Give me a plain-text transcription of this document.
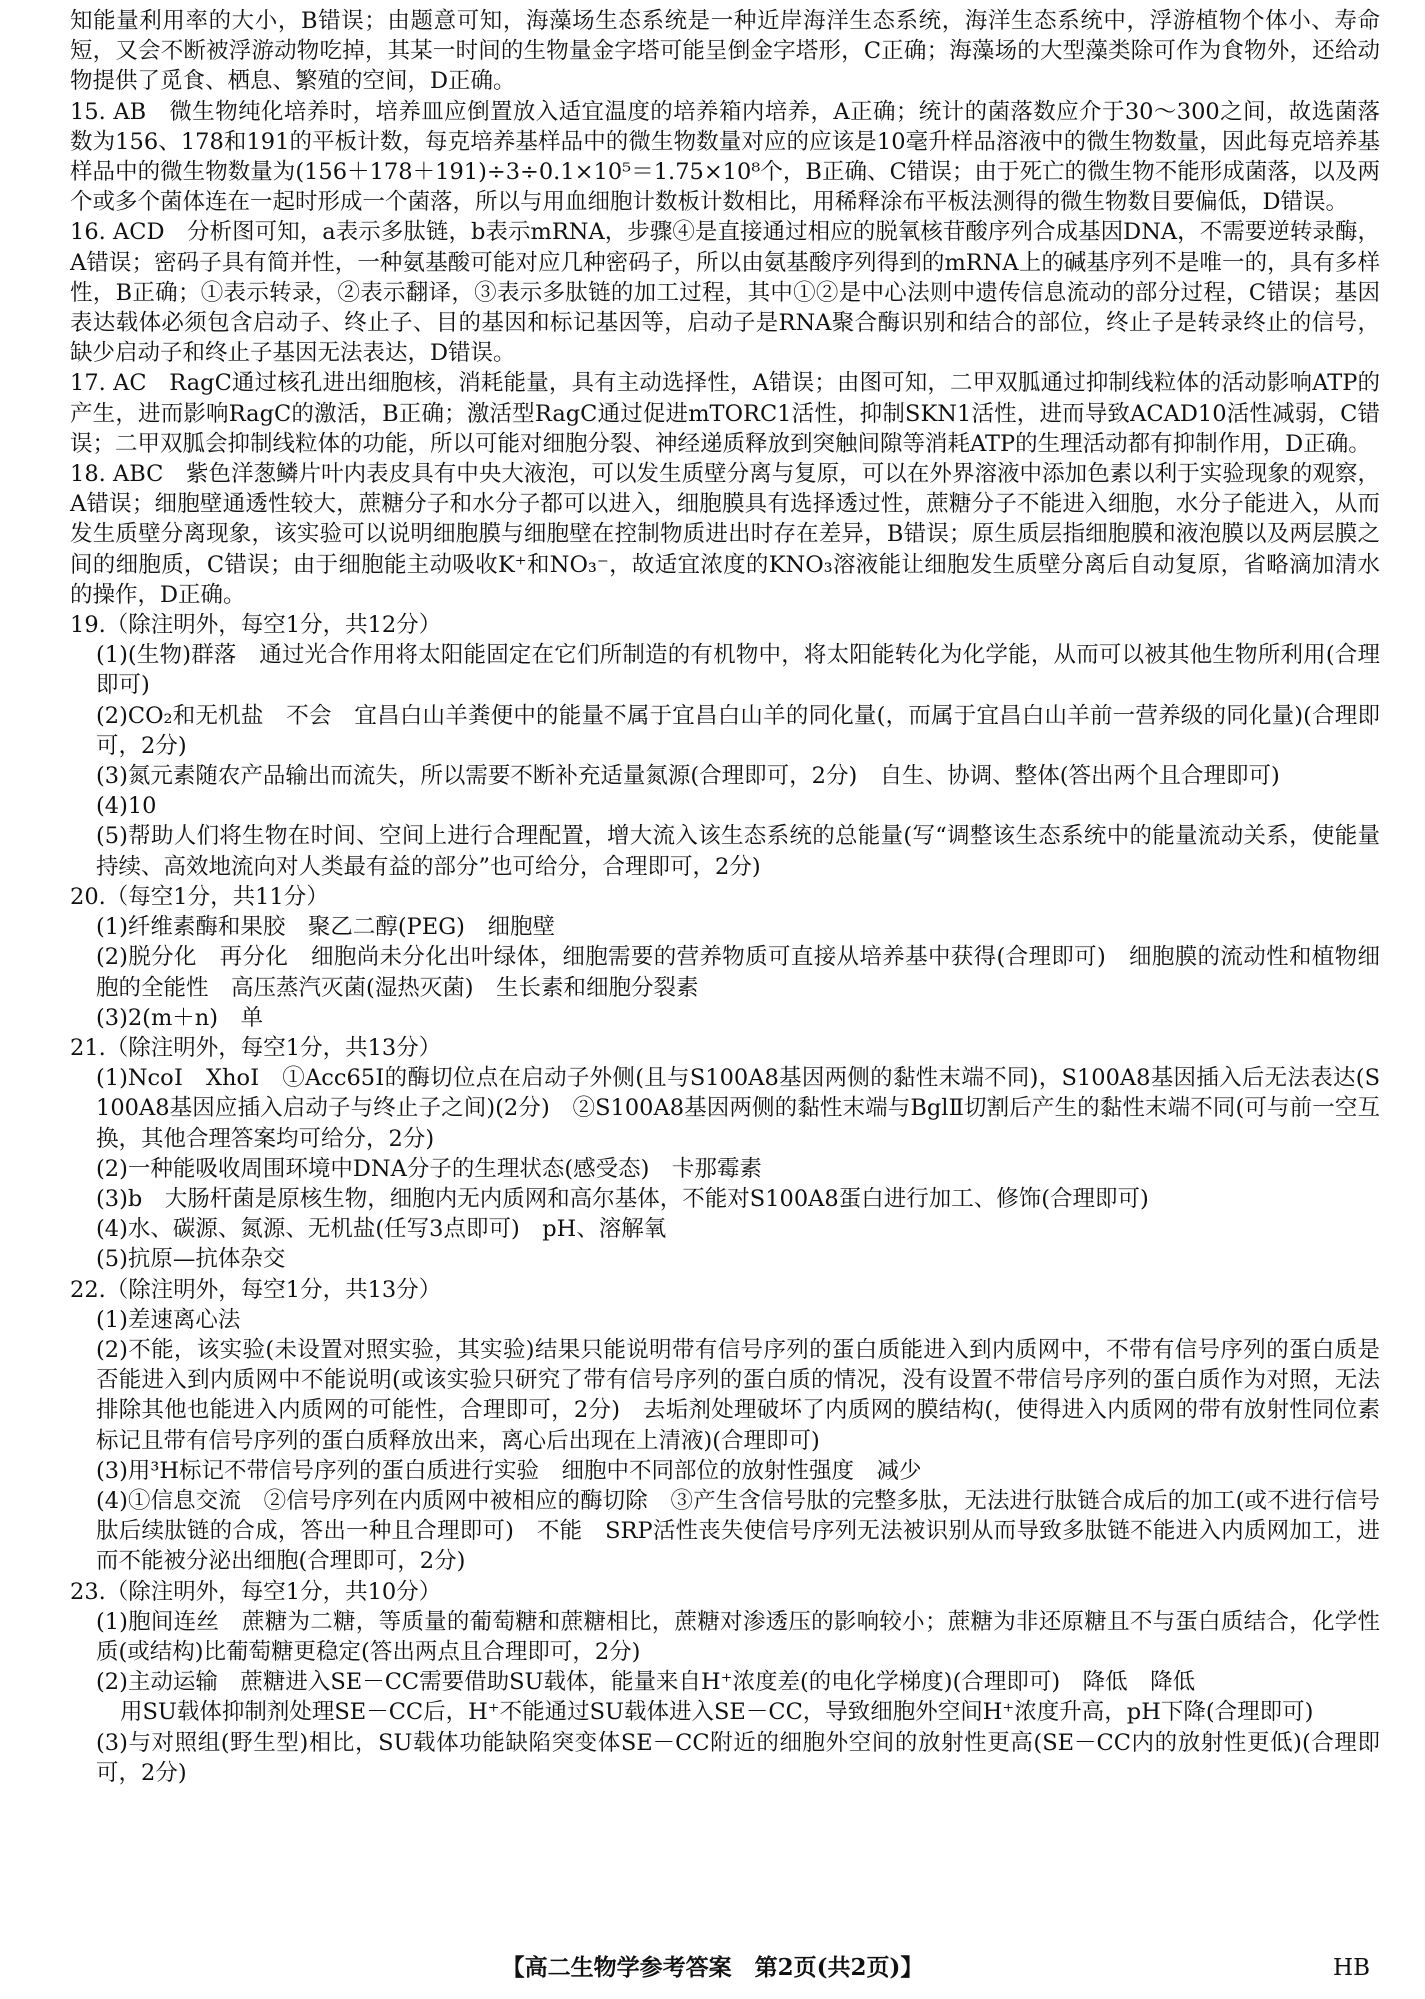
知能量利用率的大小，B错误；由题意可知，海藻场生态系统是一种近岸海洋生态系统，海洋生态系统中，浮游植物个体小、寿命短，又会不断被浮游动物吃掉，其某一时间的生物量金字塔可能呈倒金字塔形，C正确；海藻场的大型藻类除可作为食物外，还给动物提供了觅食、栖息、繁殖的空间，D正确。

15. AB　微生物纯化培养时，培养皿应倒置放入适宜温度的培养箱内培养，A正确；统计的菌落数应介于30～300之间，故选菌落数为156、178和191的平板计数，每克培养基样品中的微生物数量对应的应该是10毫升样品溶液中的微生物数量，因此每克培养基样品中的微生物数量为(156＋178＋191)÷3÷0.1×10⁵＝1.75×10⁸个，B正确、C错误；由于死亡的微生物不能形成菌落，以及两个或多个菌体连在一起时形成一个菌落，所以与用血细胞计数板计数相比，用稀释涂布平板法测得的微生物数目要偏低，D错误。

16. ACD　分析图可知，a表示多肽链，b表示mRNA，步骤④是直接通过相应的脱氧核苷酸序列合成基因DNA，不需要逆转录酶，A错误；密码子具有简并性，一种氨基酸可能对应几种密码子，所以由氨基酸序列得到的mRNA上的碱基序列不是唯一的，具有多样性，B正确；①表示转录，②表示翻译，③表示多肽链的加工过程，其中①②是中心法则中遗传信息流动的部分过程，C错误；基因表达载体必须包含启动子、终止子、目的基因和标记基因等，启动子是RNA聚合酶识别和结合的部位，终止子是转录终止的信号，缺少启动子和终止子基因无法表达，D错误。

17. AC　RagC通过核孔进出细胞核，消耗能量，具有主动选择性，A错误；由图可知，二甲双胍通过抑制线粒体的活动影响ATP的产生，进而影响RagC的激活，B正确；激活型RagC通过促进mTORC1活性，抑制SKN1活性，进而导致ACAD10活性减弱，C错误；二甲双胍会抑制线粒体的功能，所以可能对细胞分裂、神经递质释放到突触间隙等消耗ATP的生理活动都有抑制作用，D正确。

18. ABC　紫色洋葱鳞片叶内表皮具有中央大液泡，可以发生质壁分离与复原，可以在外界溶液中添加色素以利于实验现象的观察，A错误；细胞壁通透性较大，蔗糖分子和水分子都可以进入，细胞膜具有选择透过性，蔗糖分子不能进入细胞，水分子能进入，从而发生质壁分离现象，该实验可以说明细胞膜与细胞壁在控制物质进出时存在差异，B错误；原生质层指细胞膜和液泡膜以及两层膜之间的细胞质，C错误；由于细胞能主动吸收K⁺和NO₃⁻，故适宜浓度的KNO₃溶液能让细胞发生质壁分离后自动复原，省略滴加清水的操作，D正确。

19.（除注明外，每空1分，共12分）

(1)(生物)群落　通过光合作用将太阳能固定在它们所制造的有机物中，将太阳能转化为化学能，从而可以被其他生物所利用(合理即可)

(2)CO₂和无机盐　不会　宜昌白山羊粪便中的能量不属于宜昌白山羊的同化量(，而属于宜昌白山羊前一营养级的同化量)(合理即可，2分)

(3)氮元素随农产品输出而流失，所以需要不断补充适量氮源(合理即可，2分)　自生、协调、整体(答出两个且合理即可)

(4)10

(5)帮助人们将生物在时间、空间上进行合理配置，增大流入该生态系统的总能量(写“调整该生态系统中的能量流动关系，使能量持续、高效地流向对人类最有益的部分”也可给分，合理即可，2分)

20.（每空1分，共11分）

(1)纤维素酶和果胶　聚乙二醇(PEG)　细胞壁

(2)脱分化　再分化　细胞尚未分化出叶绿体，细胞需要的营养物质可直接从培养基中获得(合理即可)　细胞膜的流动性和植物细胞的全能性　高压蒸汽灭菌(湿热灭菌)　生长素和细胞分裂素

(3)2(m＋n)　单

21.（除注明外，每空1分，共13分）

(1)NcoⅠ　XhoⅠ　①Acc65Ⅰ的酶切位点在启动子外侧(且与S100A8基因两侧的黏性末端不同)，S100A8基因插入后无法表达(S100A8基因应插入启动子与终止子之间)(2分)　②S100A8基因两侧的黏性末端与BglⅡ切割后产生的黏性末端不同(可与前一空互换，其他合理答案均可给分，2分)

(2)一种能吸收周围环境中DNA分子的生理状态(感受态)　卡那霉素

(3)b　大肠杆菌是原核生物，细胞内无内质网和高尔基体，不能对S100A8蛋白进行加工、修饰(合理即可)

(4)水、碳源、氮源、无机盐(任写3点即可)　pH、溶解氧

(5)抗原—抗体杂交

22.（除注明外，每空1分，共13分）

(1)差速离心法

(2)不能，该实验(未设置对照实验，其实验)结果只能说明带有信号序列的蛋白质能进入到内质网中，不带有信号序列的蛋白质是否能进入到内质网中不能说明(或该实验只研究了带有信号序列的蛋白质的情况，没有设置不带信号序列的蛋白质作为对照，无法排除其他也能进入内质网的可能性，合理即可，2分)　去垢剂处理破坏了内质网的膜结构(，使得进入内质网的带有放射性同位素标记且带有信号序列的蛋白质释放出来，离心后出现在上清液)(合理即可)

(3)用³H标记不带信号序列的蛋白质进行实验　细胞中不同部位的放射性强度　减少

(4)①信息交流　②信号序列在内质网中被相应的酶切除　③产生含信号肽的完整多肽，无法进行肽链合成后的加工(或不进行信号肽后续肽链的合成，答出一种且合理即可)　不能　SRP活性丧失使信号序列无法被识别从而导致多肽链不能进入内质网加工，进而不能被分泌出细胞(合理即可，2分)

23.（除注明外，每空1分，共10分）

(1)胞间连丝　蔗糖为二糖，等质量的葡萄糖和蔗糖相比，蔗糖对渗透压的影响较小；蔗糖为非还原糖且不与蛋白质结合，化学性质(或结构)比葡萄糖更稳定(答出两点且合理即可，2分)

(2)主动运输　蔗糖进入SE－CC需要借助SU载体，能量来自H⁺浓度差(的电化学梯度)(合理即可)　降低　降低

用SU载体抑制剂处理SE－CC后，H⁺不能通过SU载体进入SE－CC，导致细胞外空间H⁺浓度升高，pH下降(合理即可)

(3)与对照组(野生型)相比，SU载体功能缺陷突变体SE－CC附近的细胞外空间的放射性更高(SE－CC内的放射性更低)(合理即可，2分)

【高二生物学参考答案　第2页(共2页)】	HB
